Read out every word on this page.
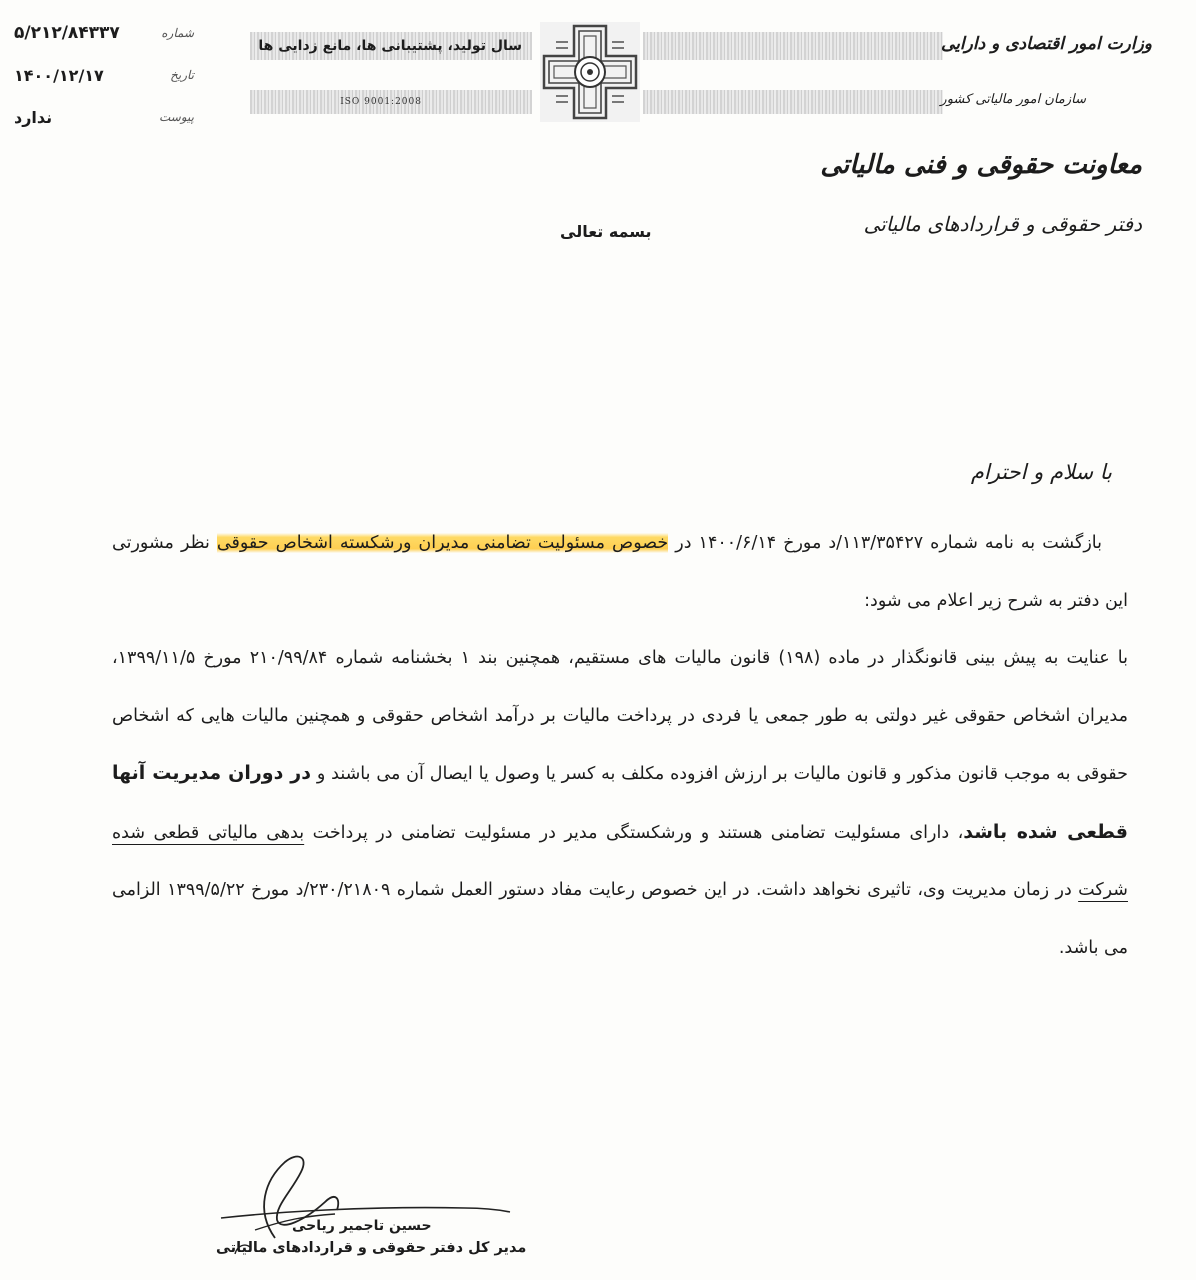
شماره
۵/۲۱۲/۸۴۳۳۷
تاریخ
۱۴۰۰/۱۲/۱۷
پیوست
ندارد
سال تولید، پشتیبانی ها، مانع زدایی ها
ISO 9001:2008
وزارت امور اقتصادی و دارایی
سازمان امور مالیاتی کشور
معاونت حقوقی و فنی مالیاتی
دفتر حقوقی و قراردادهای مالیاتی
بسمه تعالی
با سلام و احترام

بازگشت به نامه شماره ۱۱۳/۳۵۴۲۷/د مورخ ۱۴۰۰/۶/۱۴ در خصوص مسئولیت تضامنی مدیران ورشکسته اشخاص حقوقی نظر مشورتی این دفتر به شرح زیر اعلام می شود:

با عنایت به پیش بینی قانونگذار در ماده (۱۹۸) قانون مالیات های مستقیم، همچنین بند ۱ بخشنامه شماره ۲۱۰/۹۹/۸۴ مورخ ۱۳۹۹/۱۱/۵، مدیران اشخاص حقوقی غیر دولتی به طور جمعی یا فردی در پرداخت مالیات بر درآمد اشخاص حقوقی و همچنین مالیات هایی که اشخاص حقوقی به موجب قانون مذکور و قانون مالیات بر ارزش افزوده مکلف به کسر یا وصول یا ایصال آن می باشند و در دوران مدیریت آنها قطعی شده باشد، دارای مسئولیت تضامنی هستند و ورشکستگی مدیر در مسئولیت تضامنی در پرداخت بدهی مالیاتی قطعی شده شرکت در زمان مدیریت وی، تاثیری نخواهد داشت. در این خصوص رعایت مفاد دستور العمل شماره ۲۳۰/۲۱۸۰۹/د مورخ ۱۳۹۹/۵/۲۲ الزامی می باشد.

حسین تاجمیر ریاحی
مدیر کل دفتر حقوقی و قراردادهای مالیاتی
